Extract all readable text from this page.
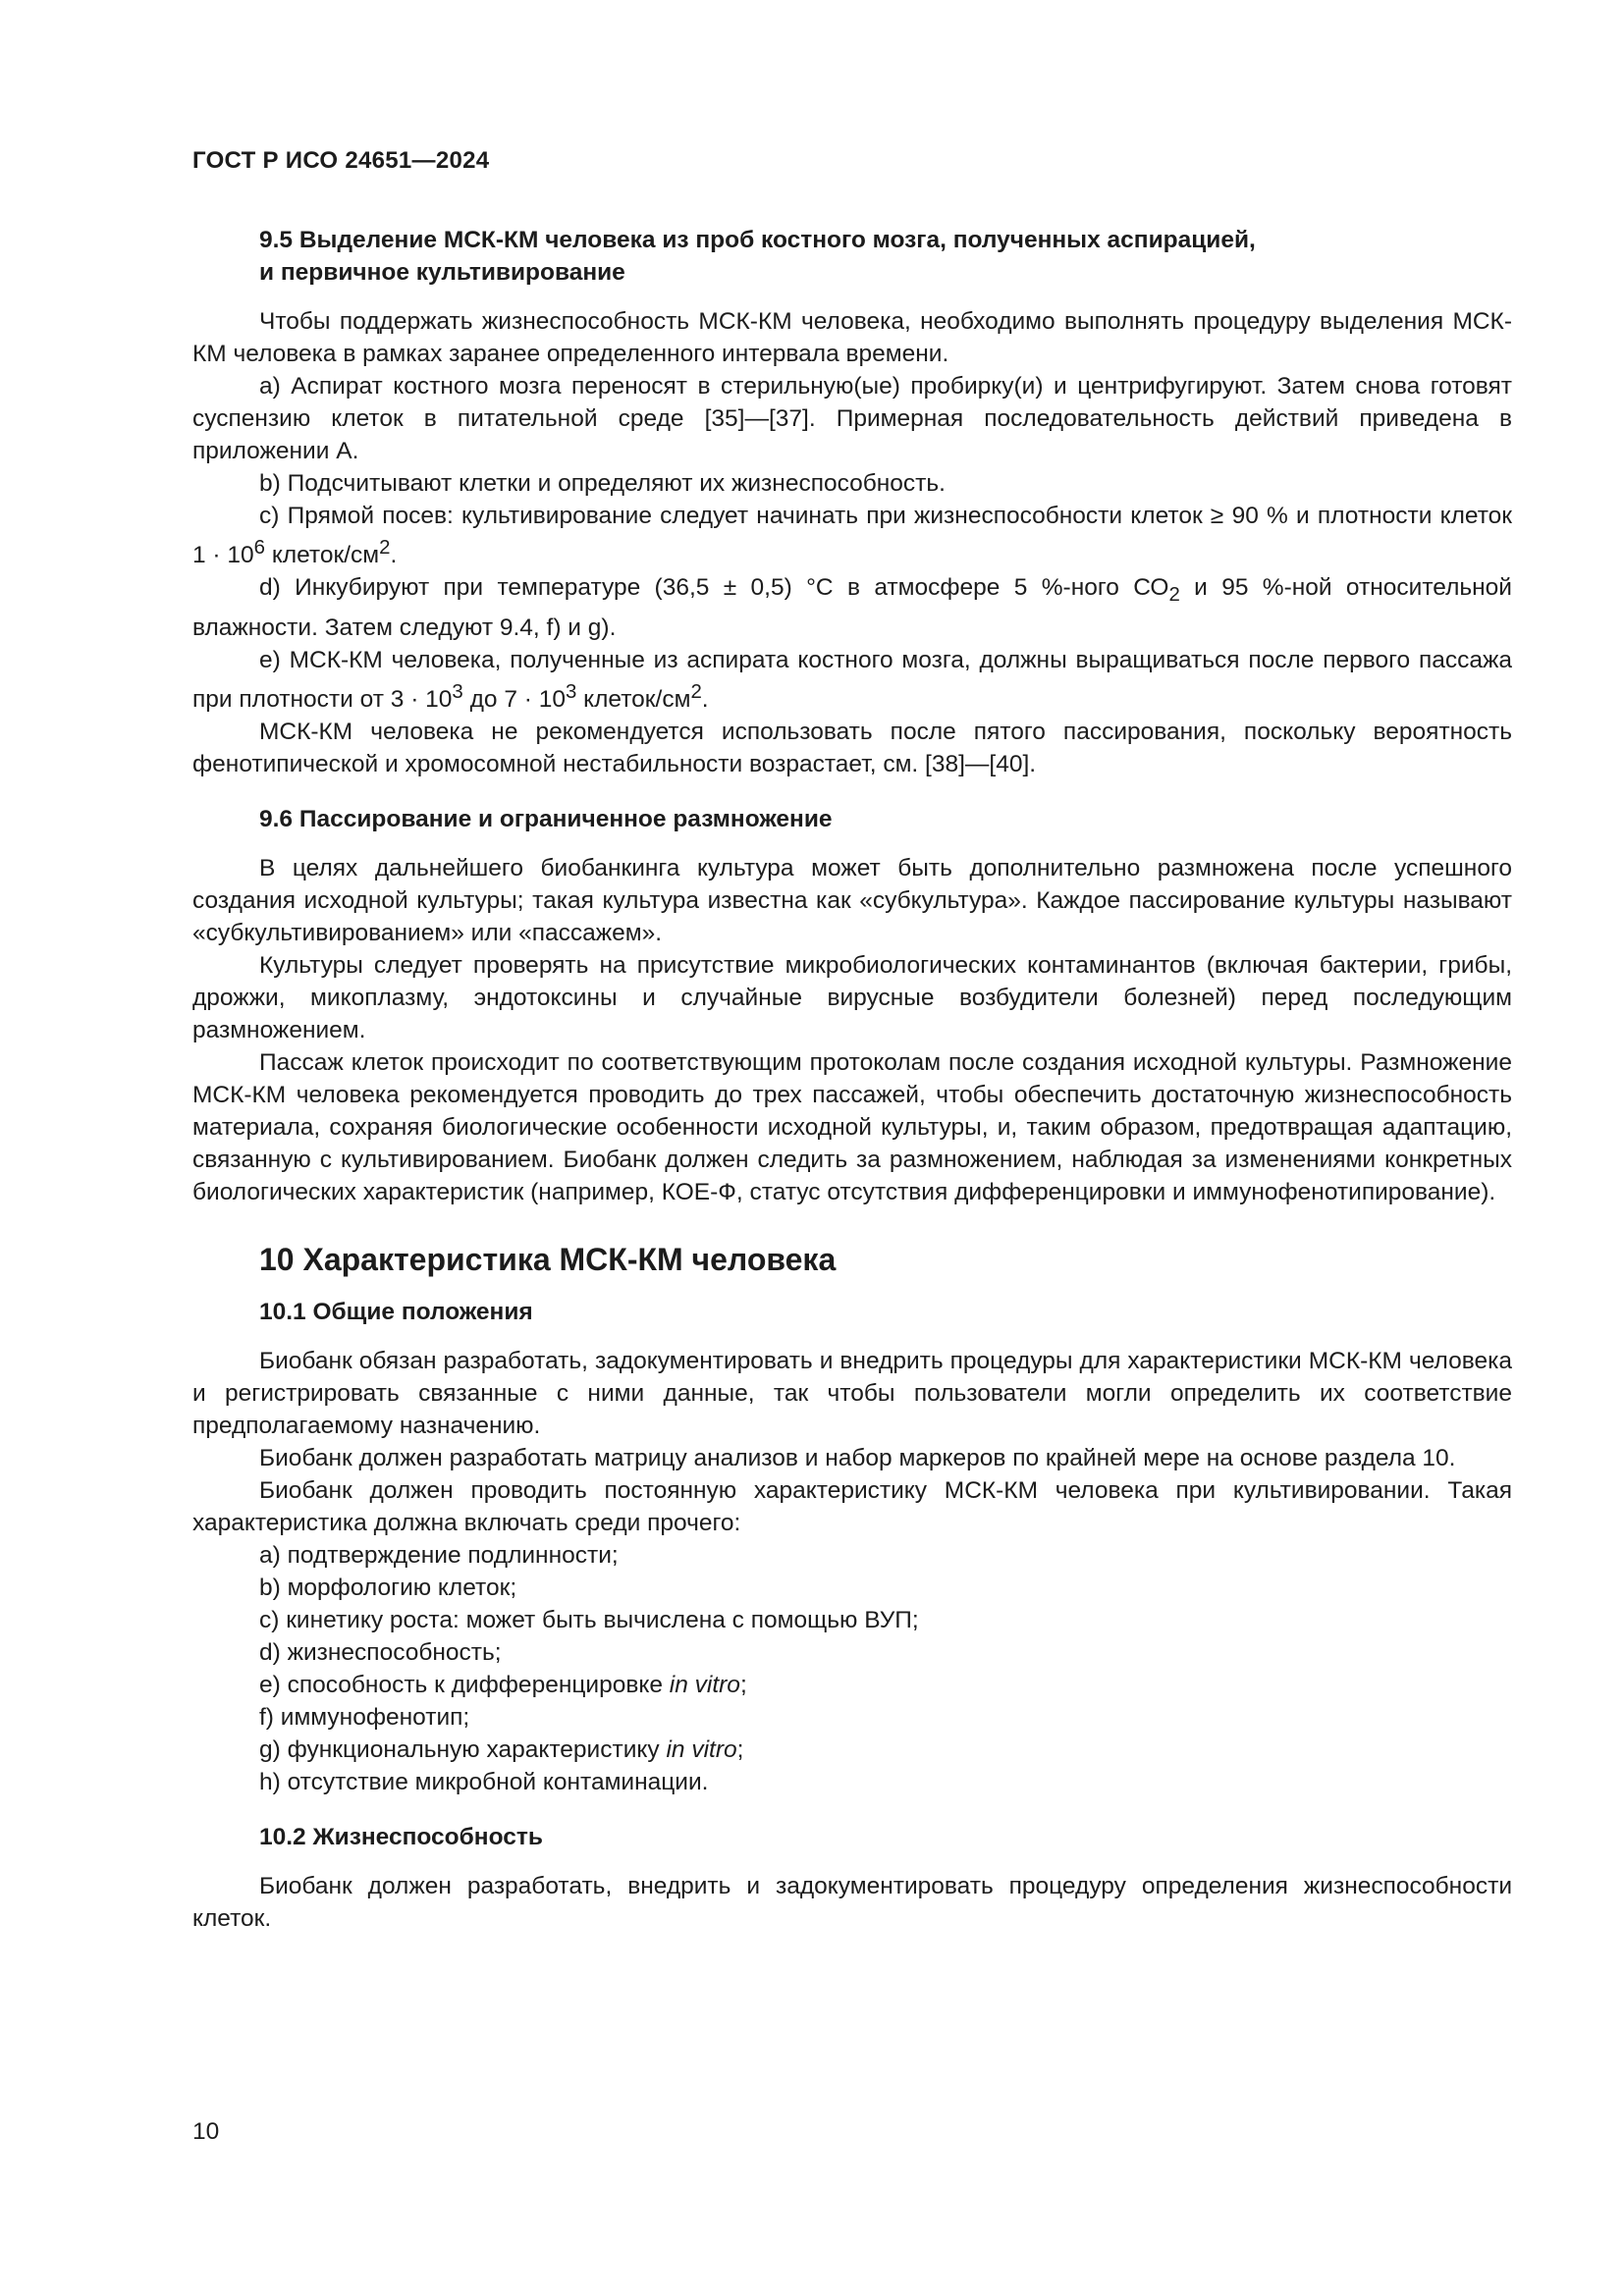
ГОСТ Р ИСО 24651—2024
9.5 Выделение МСК-КМ человека из проб костного мозга, полученных аспирацией,
и первичное культивирование

Чтобы поддержать жизнеспособность МСК-КМ человека, необходимо выполнять процедуру выделения МСК-КМ человека в рамках заранее определенного интервала времени.

а) Аспират костного мозга переносят в стерильную(ые) пробирку(и) и центрифугируют. Затем снова готовят суспензию клеток в питательной среде [35]—[37]. Примерная последовательность действий приведена в приложении А.

b) Подсчитывают клетки и определяют их жизнеспособность.

с) Прямой посев: культивирование следует начинать при жизнеспособности клеток ≥ 90 % и плотности клеток $1 \cdot 10^6$ клеток/$см^2$.

d) Инкубируют при температуре (36,5 ± 0,5) °С в атмосфере 5 %-ного $СО_2$ и 95 %-ной относительной влажности. Затем следуют 9.4, f) и g).

е) МСК-КМ человека, полученные из аспирата костного мозга, должны выращиваться после первого пассажа при плотности от $3 \cdot 10^3$ до $7 \cdot 10^3$ клеток/$см^2$.

МСК-КМ человека не рекомендуется использовать после пятого пассирования, поскольку вероятность фенотипической и хромосомной нестабильности возрастает, см. [38]—[40].

9.6 Пассирование и ограниченное размножение

В целях дальнейшего биобанкинга культура может быть дополнительно размножена после успешного создания исходной культуры; такая культура известна как «субкультура». Каждое пассирование культуры называют «субкультивированием» или «пассажем».

Культуры следует проверять на присутствие микробиологических контаминантов (включая бактерии, грибы, дрожжи, микоплазму, эндотоксины и случайные вирусные возбудители болезней) перед последующим размножением.

Пассаж клеток происходит по соответствующим протоколам после создания исходной культуры. Размножение МСК-КМ человека рекомендуется проводить до трех пассажей, чтобы обеспечить достаточную жизнеспособность материала, сохраняя биологические особенности исходной культуры, и, таким образом, предотвращая адаптацию, связанную с культивированием. Биобанк должен следить за размножением, наблюдая за изменениями конкретных биологических характеристик (например, КОЕ-Ф, статус отсутствия дифференцировки и иммунофенотипирование).

10 Характеристика МСК-КМ человека
10.1 Общие положения

Биобанк обязан разработать, задокументировать и внедрить процедуры для характеристики МСК-КМ человека и регистрировать связанные с ними данные, так чтобы пользователи могли определить их соответствие предполагаемому назначению.

Биобанк должен разработать матрицу анализов и набор маркеров по крайней мере на основе раздела 10.

Биобанк должен проводить постоянную характеристику МСК-КМ человека при культивировании. Такая характеристика должна включать среди прочего:

а) подтверждение подлинности;

b) морфологию клеток;

с) кинетику роста: может быть вычислена с помощью ВУП;

d) жизнеспособность;

е) способность к дифференцировке in vitro;

f) иммунофенотип;

g) функциональную характеристику in vitro;

h) отсутствие микробной контаминации.

10.2 Жизнеспособность

Биобанк должен разработать, внедрить и задокументировать процедуру определения жизнеспособности клеток.

10
